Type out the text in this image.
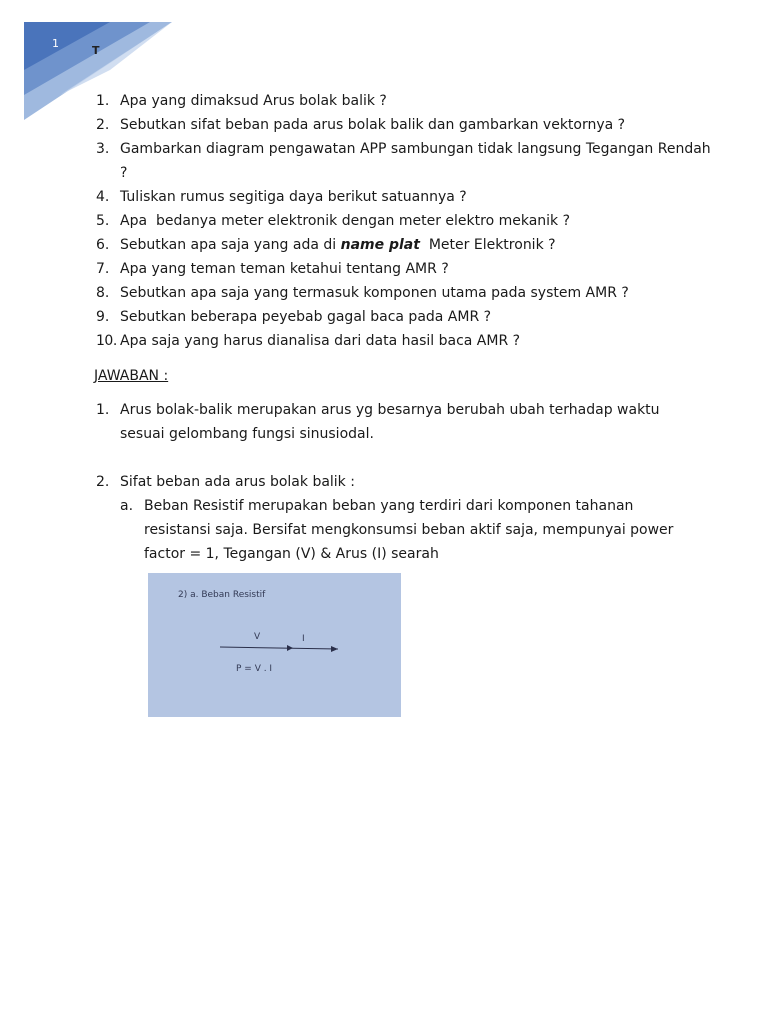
1
T
1. Apa yang dimaksud Arus bolak balik ?
2. Sebutkan sifat beban pada arus bolak balik dan gambarkan vektornya ?
3. Gambarkan diagram pengawatan APP sambungan tidak langsung Tegangan Rendah ?
4. Tuliskan rumus segitiga daya berikut satuannya ?
5. Apa  bedanya meter elektronik dengan meter elektro mekanik ?
6. Sebutkan apa saja yang ada di name plat  Meter Elektronik ?
7. Apa yang teman teman ketahui tentang AMR ?
8. Sebutkan apa saja yang termasuk komponen utama pada system AMR ?
9. Sebutkan beberapa peyebab gagal baca pada AMR ?
10. Apa saja yang harus dianalisa dari data hasil baca AMR ?
JAWABAN :
1. Arus bolak-balik merupakan arus yg besarnya berubah ubah terhadap waktu sesuai gelombang fungsi sinusiodal.
2. Sifat beban ada arus bolak balik :
a. Beban Resistif merupakan beban yang terdiri dari komponen tahanan resistansi saja. Bersifat mengkonsumsi beban aktif saja, mempunyai power factor = 1, Tegangan (V) & Arus (I) searah
2) a. Beban Resistif
V	I
P = V . I
